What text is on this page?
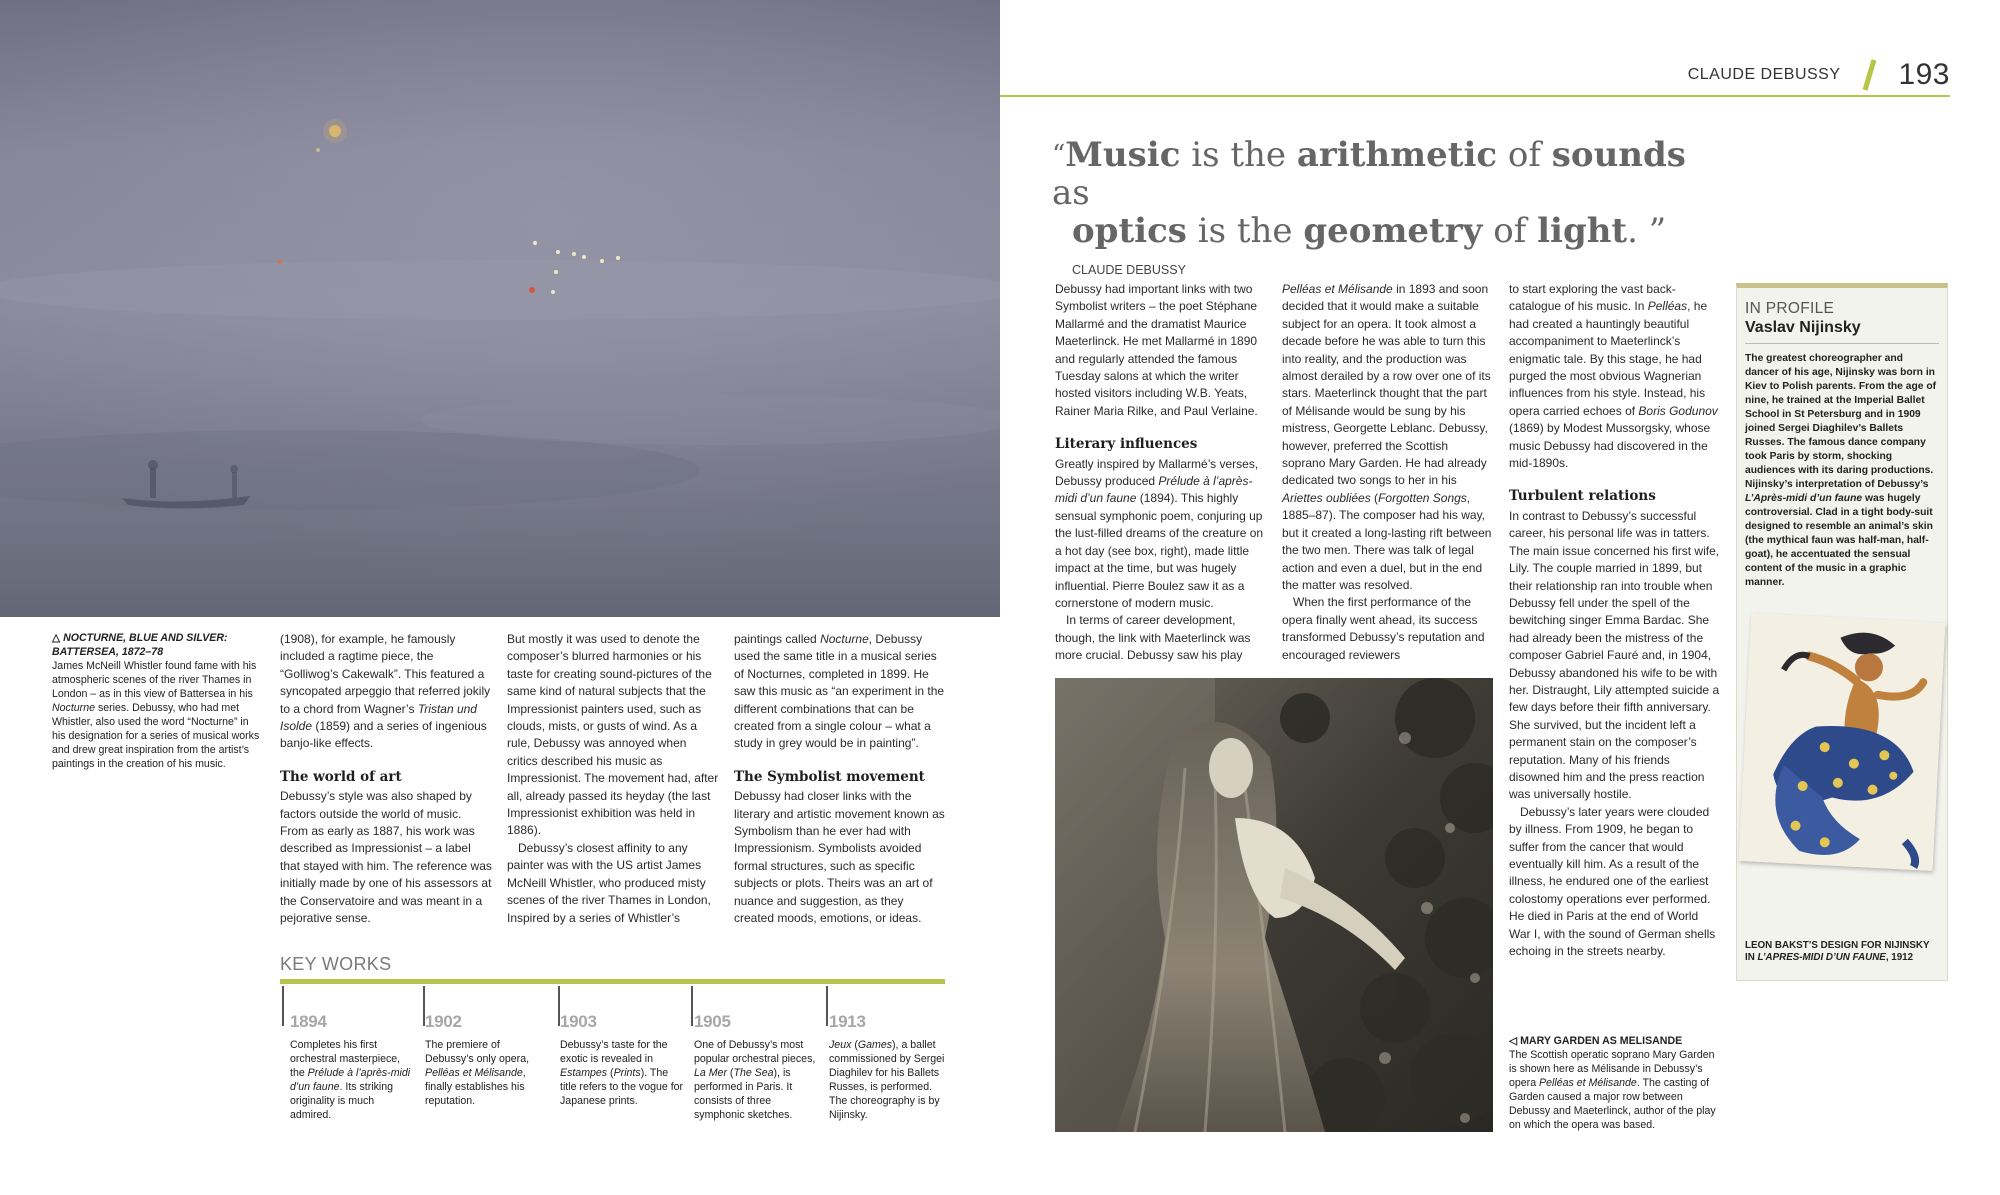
△ NOCTURNE, BLUE AND SILVER: BATTERSEA, 1872–78
James McNeill Whistler found fame with his atmospheric scenes of the river Thames in London – as in this view of Battersea in his Nocturne series. Debussy, who had met Whistler, also used the word “Nocturne” in his designation for a series of musical works and drew great inspiration from the artist’s paintings in the creation of his music.

(1908), for example, he famously included a ragtime piece, the “Golliwog’s Cakewalk”. This featured a syncopated arpeggio that referred jokily to a chord from Wagner’s Tristan und Isolde (1859) and a series of ingenious banjo-like effects.

The world of art

Debussy’s style was also shaped by factors outside the world of music. From as early as 1887, his work was described as Impressionist – a label that stayed with him. The reference was initially made by one of his assessors at the Conservatoire and was meant in a pejorative sense.

But mostly it was used to denote the composer’s blurred harmonies or his taste for creating sound-pictures of the same kind of natural subjects that the Impressionist painters used, such as clouds, mists, or gusts of wind. As a rule, Debussy was annoyed when critics described his music as Impressionist. The movement had, after all, already passed its heyday (the last Impressionist exhibition was held in 1886).

Debussy’s closest affinity to any painter was with the US artist James McNeill Whistler, who produced misty scenes of the river Thames in London, Inspired by a series of Whistler’s

paintings called Nocturne, Debussy used the same title in a musical series of Nocturnes, completed in 1899. He saw this music as “an experiment in the different combinations that can be created from a single colour – what a study in grey would be in painting”.

The Symbolist movement

Debussy had closer links with the literary and artistic movement known as Symbolism than he ever had with Impressionism. Symbolists avoided formal structures, such as specific subjects or plots. Theirs was an art of nuance and suggestion, as they created moods, emotions, or ideas.

KEY WORKS
1894
Completes his first orchestral masterpiece, the Prélude à l’après-midi d’un faune. Its striking originality is much admired.
1902
The premiere of Debussy’s only opera, Pelléas et Mélisande, finally establishes his reputation.
1903
Debussy’s taste for the exotic is revealed in Estampes (Prints). The title refers to the vogue for Japanese prints.
1905
One of Debussy’s most popular orchestral pieces, La Mer (The Sea), is performed in Paris. It consists of three symphonic sketches.
1913
Jeux (Games), a ballet commissioned by Sergei Diaghilev for his Ballets Russes, is performed. The choreography is by Nijinsky.
CLAUDE DEBUSSY 193
“Music is the arithmetic of sounds as
optics is the geometry of light. ”
CLAUDE DEBUSSY

Debussy had important links with two Symbolist writers – the poet Stéphane Mallarmé and the dramatist Maurice Maeterlinck. He met Mallarmé in 1890 and regularly attended the famous Tuesday salons at which the writer hosted visitors including W.B. Yeats, Rainer Maria Rilke, and Paul Verlaine.

Literary influences

Greatly inspired by Mallarmé’s verses, Debussy produced Prélude à l’après-midi d’un faune (1894). This highly sensual symphonic poem, conjuring up the lust-filled dreams of the creature on a hot day (see box, right), made little impact at the time, but was hugely influential. Pierre Boulez saw it as a cornerstone of modern music.

In terms of career development, though, the link with Maeterlinck was more crucial. Debussy saw his play

Pelléas et Mélisande in 1893 and soon decided that it would make a suitable subject for an opera. It took almost a decade before he was able to turn this into reality, and the production was almost derailed by a row over one of its stars. Maeterlinck thought that the part of Mélisande would be sung by his mistress, Georgette Leblanc. Debussy, however, preferred the Scottish soprano Mary Garden. He had already dedicated two songs to her in his Ariettes oubliées (Forgotten Songs, 1885–87). The composer had his way, but it created a long-lasting rift between the two men. There was talk of legal action and even a duel, but in the end the matter was resolved.

When the first performance of the opera finally went ahead, its success transformed Debussy’s reputation and encouraged reviewers

to start exploring the vast back-catalogue of his music. In Pelléas, he had created a hauntingly beautiful accompaniment to Maeterlinck’s enigmatic tale. By this stage, he had purged the most obvious Wagnerian influences from his style. Instead, his opera carried echoes of Boris Godunov (1869) by Modest Mussorgsky, whose music Debussy had discovered in the mid-1890s.

Turbulent relations

In contrast to Debussy’s successful career, his personal life was in tatters. The main issue concerned his first wife, Lily. The couple married in 1899, but their relationship ran into trouble when Debussy fell under the spell of the bewitching singer Emma Bardac. She had already been the mistress of the composer Gabriel Fauré and, in 1904, Debussy abandoned his wife to be with her. Distraught, Lily attempted suicide a few days before their fifth anniversary. She survived, but the incident left a permanent stain on the composer’s reputation. Many of his friends disowned him and the press reaction was universally hostile.

Debussy’s later years were clouded by illness. From 1909, he began to suffer from the cancer that would eventually kill him. As a result of the illness, he endured one of the earliest colostomy operations ever performed. He died in Paris at the end of World War I, with the sound of German shells echoing in the streets nearby.

◁ MARY GARDEN AS MELISANDE
The Scottish operatic soprano Mary Garden is shown here as Mélisande in Debussy’s opera Pelléas et Mélisande. The casting of Garden caused a major row between Debussy and Maeterlinck, author of the play on which the opera was based.
IN PROFILE
Vaslav Nijinsky
The greatest choreographer and dancer of his age, Nijinsky was born in Kiev to Polish parents. From the age of nine, he trained at the Imperial Ballet School in St Petersburg and in 1909 joined Sergei Diaghilev’s Ballets Russes. The famous dance company took Paris by storm, shocking audiences with its daring productions. Nijinsky’s interpretation of Debussy’s L’Après-midi d’un faune was hugely controversial. Clad in a tight body-suit designed to resemble an animal’s skin (the mythical faun was half-man, half-goat), he accentuated the sensual content of the music in a graphic manner.
LEON BAKST’S DESIGN FOR NIJINSKY IN L’APRES-MIDI D’UN FAUNE, 1912
